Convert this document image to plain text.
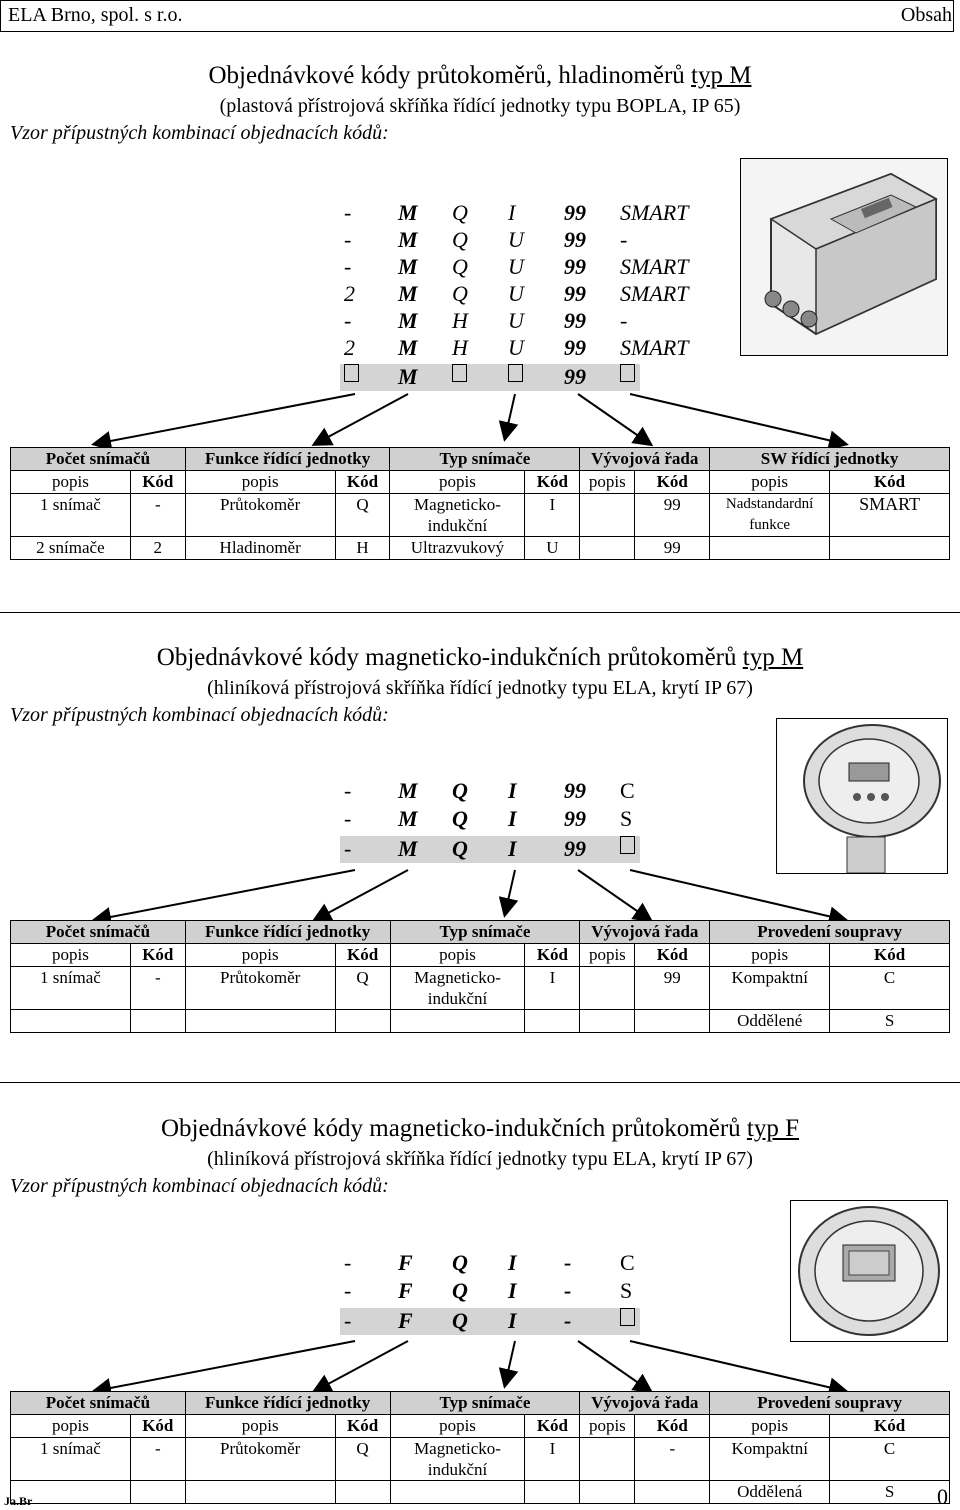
ELA Brno, spol. s r.o.	Obsah
Objednávkové kódy průtokoměrů, hladinoměrů typ M
(plastová přístrojová skříňka řídící jednotky typu BOPLA, IP 65)
Vzor přípustných kombinací objednacích kódů:
- M Q I 99 SMART
- M Q U 99 -
- M Q U 99 SMART
2 M Q U 99 SMART
- M H U 99 -
2 M H U 99 SMART
M	99
Počet snímačů		Funkce řídící jednotky		Typ snímače		Vývojová řada		SW řídící jednotky	
popis	Kód	popis	Kód	popis	Kód	popis	Kód	popis	Kód
1 snímač	-	Průtokoměr	Q	Magneticko-indukční	I		99	Nadstandardní funkce	SMART
2 snímače	2	Hladinoměr	H	Ultrazvukový	U		99		
Objednávkové kódy magneticko-indukčních průtokoměrů typ M
(hliníková přístrojová skříňka řídící jednotky typu ELA, krytí IP 67)
Vzor přípustných kombinací objednacích kódů:
- M Q I 99 C
- M Q I 99 S
- M Q I 99
Počet snímačů		Funkce řídící jednotky		Typ snímače		Vývojová řada		Provedení soupravy	
popis	Kód	popis	Kód	popis	Kód	popis	Kód	popis	Kód
1 snímač	-	Průtokoměr	Q	Magneticko-indukční	I		99	Kompaktní	C
								Oddělené	S
Objednávkové kódy magneticko-indukčních průtokoměrů typ F
(hliníková přístrojová skříňka řídící jednotky typu ELA, krytí IP 67)
Vzor přípustných kombinací objednacích kódů:
- F Q I - C
- F Q I - S
- F Q I -
Počet snímačů		Funkce řídící jednotky		Typ snímače		Vývojová řada		Provedení soupravy	
popis	Kód	popis	Kód	popis	Kód	popis	Kód	popis	Kód
1 snímač	-	Průtokoměr	Q	Magneticko-indukční	I		-	Kompaktní	C
								Oddělená	S
Ja.Br	0
